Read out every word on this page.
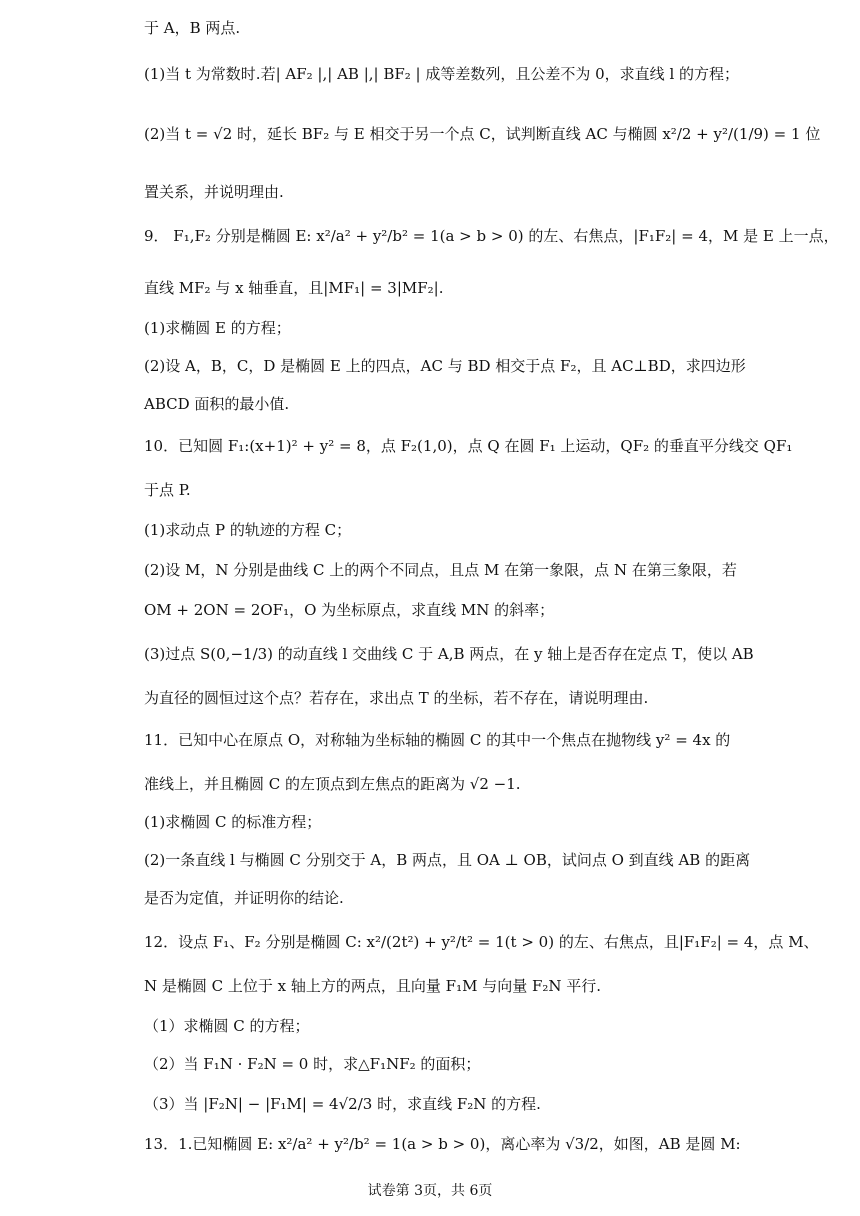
于 A，B 两点.
(1)当 t 为常数时.若| AF₂ |,| AB |,| BF₂ | 成等差数列，且公差不为 0，求直线 l 的方程；
(2)当 t = √2 时，延长 BF₂ 与 E 相交于另一个点 C，试判断直线 AC 与椭圆 x²/2 + y²/(1/9) = 1 位
置关系，并说明理由.
9． F₁,F₂ 分别是椭圆 E: x²/a² + y²/b² = 1(a > b > 0) 的左、右焦点，|F₁F₂| = 4，M 是 E 上一点，
直线 MF₂ 与 x 轴垂直，且|MF₁| = 3|MF₂|.
(1)求椭圆 E 的方程；
(2)设 A，B，C，D 是椭圆 E 上的四点，AC 与 BD 相交于点 F₂，且 AC⊥BD，求四边形
ABCD 面积的最小值.
10．已知圆 F₁:(x+1)² + y² = 8，点 F₂(1,0)，点 Q 在圆 F₁ 上运动，QF₂ 的垂直平分线交 QF₁
于点 P.
(1)求动点 P 的轨迹的方程 C；
(2)设 M，N 分别是曲线 C 上的两个不同点，且点 M 在第一象限，点 N 在第三象限，若
OM + 2ON = 2OF₁，O 为坐标原点，求直线 MN 的斜率；
(3)过点 S(0,−1/3) 的动直线 l 交曲线 C 于 A,B 两点，在 y 轴上是否存在定点 T，使以 AB
为直径的圆恒过这个点？若存在，求出点 T 的坐标，若不存在，请说明理由.
11．已知中心在原点 O，对称轴为坐标轴的椭圆 C 的其中一个焦点在抛物线 y² = 4x 的
准线上，并且椭圆 C 的左顶点到左焦点的距离为 √2 −1.
(1)求椭圆 C 的标准方程；
(2)一条直线 l 与椭圆 C 分别交于 A，B 两点，且 OA ⊥ OB，试问点 O 到直线 AB 的距离
是否为定值，并证明你的结论.
12．设点 F₁、F₂ 分别是椭圆 C: x²/(2t²) + y²/t² = 1(t > 0) 的左、右焦点，且|F₁F₂| = 4，点 M、
N 是椭圆 C 上位于 x 轴上方的两点，且向量 F₁M 与向量 F₂N 平行.
（1）求椭圆 C 的方程；
（2）当 F₁N · F₂N = 0 时，求△F₁NF₂ 的面积；
（3）当 |F₂N| − |F₁M| = 4√2/3 时，求直线 F₂N 的方程.
13．1.已知椭圆 E: x²/a² + y²/b² = 1(a > b > 0)，离心率为 √3/2，如图，AB 是圆 M:
试卷第 3页，共 6页
